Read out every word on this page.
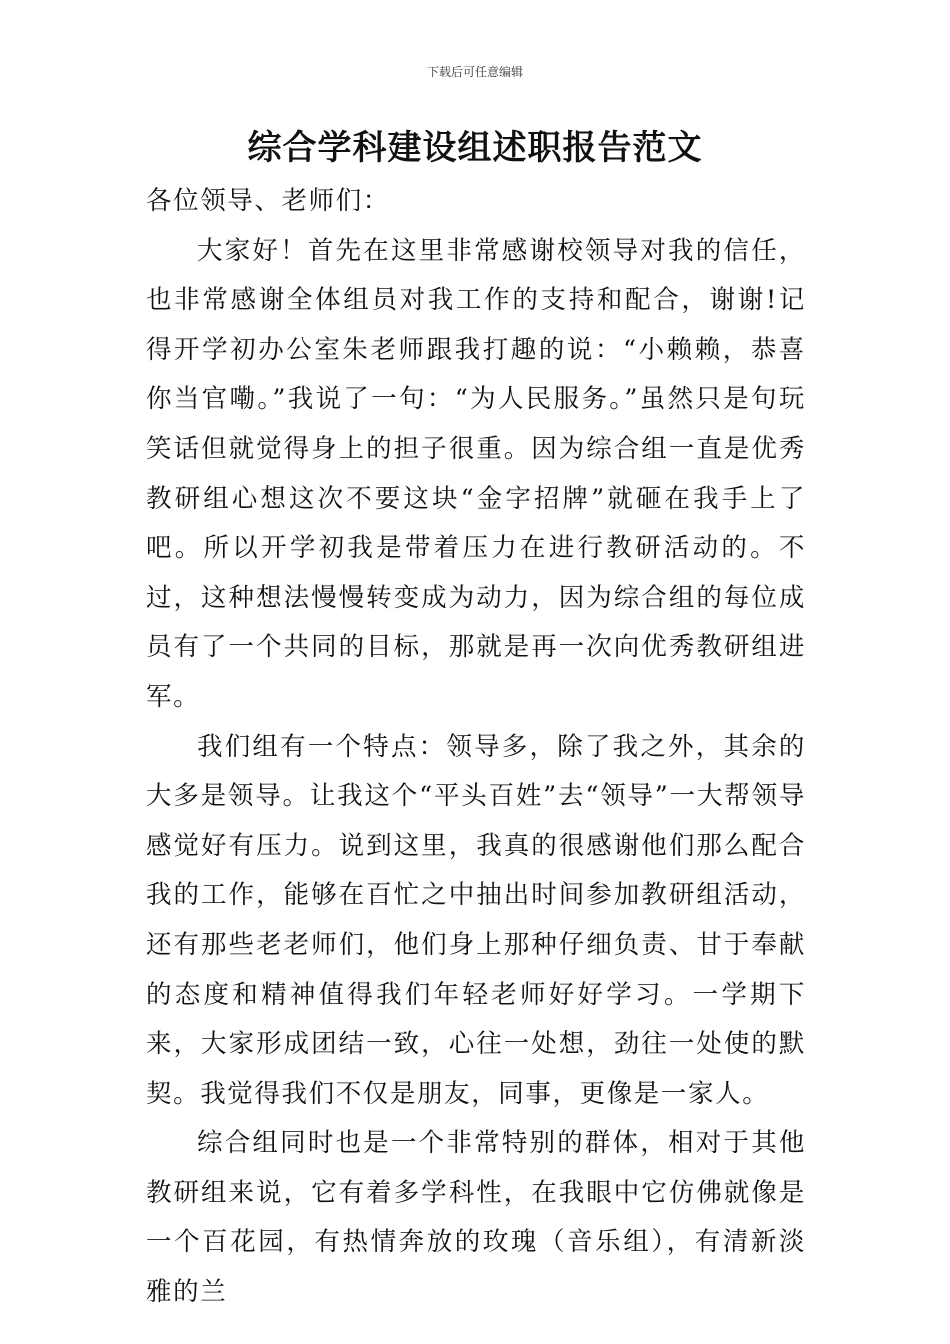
下载后可任意编辑
综合学科建设组述职报告范文

各位领导、老师们：

大家好！首先在这里非常感谢校领导对我的信任，也非常感谢全体组员对我工作的支持和配合，谢谢!记得开学初办公室朱老师跟我打趣的说：“小赖赖，恭喜你当官嘞。”我说了一句：“为人民服务。”虽然只是句玩笑话但就觉得身上的担子很重。因为综合组一直是优秀教研组心想这次不要这块“金字招牌”就砸在我手上了吧。所以开学初我是带着压力在进行教研活动的。不过，这种想法慢慢转变成为动力，因为综合组的每位成员有了一个共同的目标，那就是再一次向优秀教研组进军。

我们组有一个特点：领导多，除了我之外，其余的大多是领导。让我这个“平头百姓”去“领导”一大帮领导感觉好有压力。说到这里，我真的很感谢他们那么配合我的工作，能够在百忙之中抽出时间参加教研组活动，还有那些老老师们，他们身上那种仔细负责、甘于奉献的态度和精神值得我们年轻老师好好学习。一学期下来，大家形成团结一致，心往一处想，劲往一处使的默契。我觉得我们不仅是朋友，同事，更像是一家人。

综合组同时也是一个非常特别的群体，相对于其他教研组来说，它有着多学科性，在我眼中它仿佛就像是一个百花园，有热情奔放的玫瑰（音乐组），有清新淡雅的兰
